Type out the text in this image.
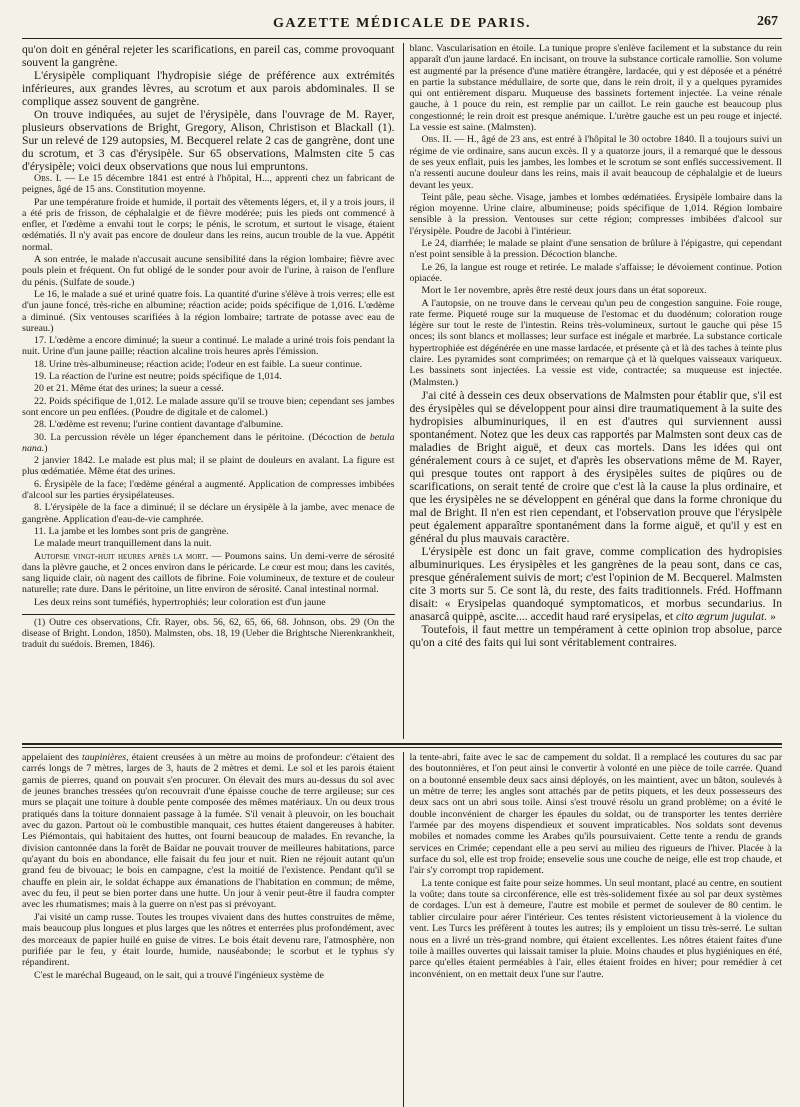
GAZETTE MÉDICALE DE PARIS.	267

qu'on doit en général rejeter les scarifications, en pareil cas, comme provoquant souvent la gangrène.

L'érysipèle compliquant l'hydropisie siége de préférence aux extrémités inférieures, aux grandes lèvres, au scrotum et aux parois abdominales. Il se complique assez souvent de gangrène.

On trouve indiquées, au sujet de l'érysipèle, dans l'ouvrage de M. Rayer, plusieurs observations de Bright, Gregory, Alison, Christison et Blackall (1). Sur un relevé de 129 autopsies, M. Becquerel relate 2 cas de gangrène, dont une du scrotum, et 3 cas d'érysipèle. Sur 65 observations, Malmsten cite 5 cas d'érysipèle; voici deux observations que nous lui empruntons.

Obs. I. — Le 15 décembre 1841 est entré à l'hôpital, H..., apprenti chez un fabricant de peignes, âgé de 15 ans. Constitution moyenne.

Par une température froide et humide, il portait des vêtements légers, et, il y a trois jours, il a été pris de frisson, de céphalalgie et de fièvre modérée; puis les pieds ont commencé à enfler, et l'œdème a envahi tout le corps; le pénis, le scrotum, et surtout le visage, étaient œdématiés. Il n'y avait pas encore de douleur dans les reins, aucun trouble de la vue. Appétit normal.

A son entrée, le malade n'accusait aucune sensibilité dans la région lombaire; fièvre avec pouls plein et fréquent. On fut obligé de le sonder pour avoir de l'urine, à raison de l'enflure du pénis. (Sulfate de soude.)

Le 16, le malade a sué et uriné quatre fois. La quantité d'urine s'élève à trois verres; elle est d'un jaune foncé, très-riche en albumine; réaction acide; poids spécifique de 1,016. L'œdème a diminué. (Six ventouses scarifiées à la région lombaire; tartrate de potasse avec eau de sureau.)

17. L'œdème a encore diminué; la sueur a continué. Le malade a uriné trois fois pendant la nuit. Urine d'un jaune paille; réaction alcaline trois heures après l'émission.

18. Urine très-albumineuse; réaction acide; l'odeur en est faible. La sueur continue.

19. La réaction de l'urine est neutre; poids spécifique de 1,014.

20 et 21. Même état des urines; la sueur a cessé.

22. Poids spécifique de 1,012. Le malade assure qu'il se trouve bien; cependant ses jambes sont encore un peu enflées. (Poudre de digitale et de calomel.)

28. L'œdème est revenu; l'urine contient davantage d'albumine.

30. La percussion révèle un léger épanchement dans le péritoine. (Décoction de betula nana.)

2 janvier 1842. Le malade est plus mal; il se plaint de douleurs en avalant. La figure est plus œdématiée. Même état des urines.

6. Érysipèle de la face; l'œdème général a augmenté. Application de compresses imbibées d'alcool sur les parties érysipélateuses.

8. L'érysipèle de la face a diminué; il se déclare un érysipèle à la jambe, avec menace de gangrène. Application d'eau-de-vie camphrée.

11. La jambe et les lombes sont pris de gangrène.

Le malade meurt tranquillement dans la nuit.

Autopsie vingt-huit heures après la mort. — Poumons sains. Un demi-verre de sérosité dans la plèvre gauche, et 2 onces environ dans le péricarde. Le cœur est mou; dans les cavités, sang liquide clair, où nagent des caillots de fibrine. Foie volumineux, de texture et de couleur naturelle; rate dure. Dans le péritoine, un litre environ de sérosité. Canal intestinal normal.

Les deux reins sont tuméfiés, hypertrophiés; leur coloration est d'un jaune

(1) Outre ces observations, Cfr. Rayer, obs. 56, 62, 65, 66, 68. Johnson, obs. 29 (On the disease of Bright. London, 1850). Malmsten, obs. 18, 19 (Ueber die Brightsche Nierenkrankheit, traduit du suédois. Bremen, 1846).

blanc. Vascularisation en étoile. La tunique propre s'enlève facilement et la substance du rein apparaît d'un jaune lardacé. En incisant, on trouve la substance corticale ramollie. Son volume est augmenté par la présence d'une matière étrangère, lardacée, qui y est déposée et a pénétré en partie la substance médullaire, de sorte que, dans le rein droit, il y a quelques pyramides qui ont entièrement disparu. Muqueuse des bassinets fortement injectée. La veine rénale gauche, à 1 pouce du rein, est remplie par un caillot. Le rein gauche est beaucoup plus congestionné; le rein droit est presque anémique. L'urètre gauche est un peu rouge et injecté. La vessie est saine. (Malmsten).

Obs. II. — H., âgé de 23 ans, est entré à l'hôpital le 30 octobre 1840. Il a toujours suivi un régime de vie ordinaire, sans aucun excès. Il y a quatorze jours, il a remarqué que le dessous de ses yeux enflait, puis les jambes, les lombes et le scrotum se sont enflés successivement. Il n'a ressenti aucune douleur dans les reins, mais il avait beaucoup de céphalalgie et de lueurs devant les yeux.

Teint pâle, peau sèche. Visage, jambes et lombes œdématiées. Érysipèle lombaire dans la région moyenne. Urine claire, albumineuse; poids spécifique de 1,014. Région lombaire sensible à la pression. Ventouses sur cette région; compresses imbibées d'alcool sur l'érysipèle. Poudre de Jacobi à l'intérieur.

Le 24, diarrhée; le malade se plaint d'une sensation de brûlure à l'épigastre, qui cependant n'est point sensible à la pression. Décoction blanche.

Le 26, la langue est rouge et retirée. Le malade s'affaisse; le dévoiement continue. Potion opiacée.

Mort le 1er novembre, après être resté deux jours dans un état soporeux.

A l'autopsie, on ne trouve dans le cerveau qu'un peu de congestion sanguine. Foie rouge, rate ferme. Piqueté rouge sur la muqueuse de l'estomac et du duodénum; coloration rouge légère sur tout le reste de l'intestin. Reins très-volumineux, surtout le gauche qui pèse 15 onces; ils sont blancs et mollasses; leur surface est inégale et marbrée. La substance corticale hypertrophiée est dégénérée en une masse lardacée, et présente çà et là des taches à teinte plus claire. Les pyramides sont comprimées; on remarque çà et là quelques vaisseaux variqueux. Les bassinets sont injectées. La vessie est vide, contractée; sa muqueuse est injectée. (Malmsten.)

J'ai cité à dessein ces deux observations de Malmsten pour établir que, s'il est des érysipèles qui se développent pour ainsi dire traumatiquement à la suite des hydropisies albuminuriques, il en est d'autres qui surviennent aussi spontanément. Notez que les deux cas rapportés par Malmsten sont deux cas de maladies de Bright aiguë, et deux cas mortels. Dans les idées qui ont généralement cours à ce sujet, et d'après les observations même de M. Rayer, qui presque toutes ont rapport à des érysipèles suites de piqûres ou de scarifications, on serait tenté de croire que c'est là la cause la plus ordinaire, et que les érysipèles ne se développent en général que dans la forme chronique du mal de Bright. Il n'en est rien cependant, et l'observation prouve que l'érysipèle peut également apparaître spontanément dans la forme aiguë, et qu'il y est en général du plus mauvais caractère.

L'érysipèle est donc un fait grave, comme complication des hydropisies albuminuriques. Les érysipèles et les gangrènes de la peau sont, dans ce cas, presque généralement suivis de mort; c'est l'opinion de M. Becquerel. Malmsten cite 3 morts sur 5. Ce sont là, du reste, des faits traditionnels. Fréd. Hoffmann disait: « Erysipelas quandoqué symptomaticos, et morbus secundarius. In anasarcâ quippè, ascite.... accedit haud raré erysipelas, et cito ægrum jugulat. »

Toutefois, il faut mettre un tempérament à cette opinion trop absolue, parce qu'on a cité des faits qui lui sont véritablement contraires.

appelaient des taupinières, étaient creusées à un mètre au moins de profondeur: c'étaient des carrés longs de 7 mètres, larges de 3, hauts de 2 mètres et demi. Le sol et les parois étaient garnis de pierres, quand on pouvait s'en procurer. On élevait des murs au-dessus du sol avec de jeunes branches tressées qu'on recouvrait d'une épaisse couche de terre argileuse; sur ces murs se plaçait une toiture à double pente composée des mêmes matériaux. Un ou deux trous pratiqués dans la toiture donnaient passage à la fumée. S'il venait à pleuvoir, on les bouchait avec du gazon. Partout où le combustible manquait, ces huttes étaient dangereuses à habiter. Les Piémontais, qui habitaient des huttes, ont fourni beaucoup de malades. En revanche, la division cantonnée dans la forêt de Baïdar ne pouvait trouver de meilleures habitations, parce qu'ayant du bois en abondance, elle faisait du feu jour et nuit. Rien ne réjouit autant qu'un grand feu de bivouac; le bois en campagne, c'est la moitié de l'existence. Pendant qu'il se chauffe en plein air, le soldat échappe aux émanations de l'habitation en commun; de même, avec du feu, il peut se bien porter dans une hutte. Un jour à venir peut-être il faudra compter avec les rhumatismes; mais à la guerre on n'est pas si prévoyant.

J'ai visité un camp russe. Toutes les troupes vivaient dans des huttes construites de même, mais beaucoup plus longues et plus larges que les nôtres et enterrées plus profondément, avec des morceaux de papier huilé en guise de vitres. Le bois était devenu rare, l'atmosphère, non purifiée par le feu, y était lourde, humide, nauséabonde; le scorbut et le typhus s'y répandirent.

C'est le maréchal Bugeaud, on le sait, qui a trouvé l'ingénieux système de

la tente-abri, faite avec le sac de campement du soldat. Il a remplacé les coutures du sac par des boutonnières, et l'on peut ainsi le convertir à volonté en une pièce de toile carrée. Quand on a boutonné ensemble deux sacs ainsi déployés, on les maintient, avec un bâton, soulevés à un mètre de terre; les angles sont attachés par de petits piquets, et les deux possesseurs des deux sacs ont un abri sous toile. Ainsi s'est trouvé résolu un grand problème; on a évité le double inconvénient de charger les épaules du soldat, ou de transporter les tentes derrière l'armée par des moyens dispendieux et souvent impraticables. Nos soldats sont devenus mobiles et nomades comme les Arabes qu'ils poursuivaient. Cette tente a rendu de grands services en Crimée; cependant elle a peu servi au milieu des rigueurs de l'hiver. Placée à la surface du sol, elle est trop froide; ensevelie sous une couche de neige, elle est trop chaude, et l'air s'y corrompt trop rapidement.

La tente conique est faite pour seize hommes. Un seul montant, placé au centre, en soutient la voûte; dans toute sa circonférence, elle est très-solidement fixée au sol par deux systèmes de cordages. L'un est à demeure, l'autre est mobile et permet de soulever de 80 centim. le tablier circulaire pour aérer l'intérieur. Ces tentes résistent victorieusement à la violence du vent. Les Turcs les préfèrent à toutes les autres; ils y emploient un tissu très-serré. Le sultan nous en a livré un très-grand nombre, qui étaient excellentes. Les nôtres étaient faites d'une toile à mailles ouvertes qui laissait tamiser la pluie. Moins chaudes et plus hygiéniques en été, parce qu'elles étaient perméables à l'air, elles étaient froides en hiver; pour remédier à cet inconvénient, on en mettait deux l'une sur l'autre.
